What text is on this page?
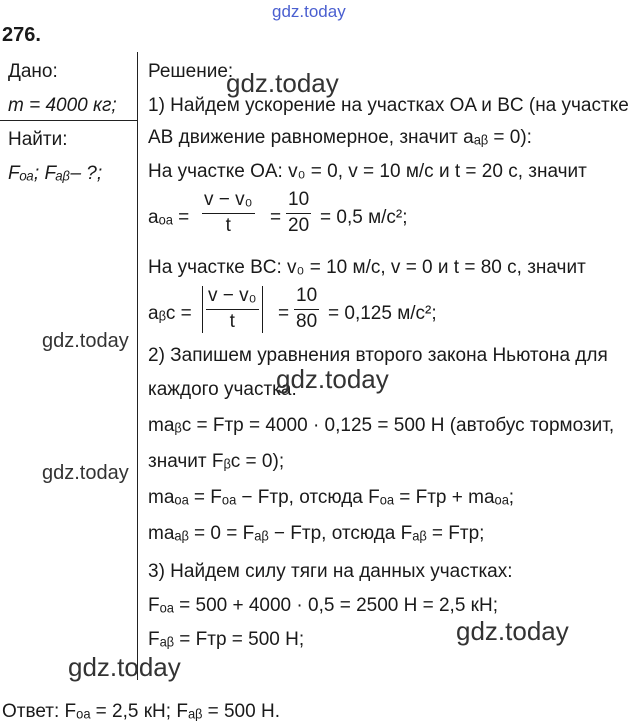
gdz.today
276.
Дано:
m = 4000 кг;
Найти:
Fₒₐ; Fₐᵦ– ?;
Решение:
gdz.today
1) Найдем ускорение на участках OA и BC (на участке
AB движение равномерное, значит aₐᵦ = 0):
На участке OA: v₀ = 0, v = 10 м/с и t = 20 с, значит
$a_{oa} = \frac{\text{v − v₀}}{t} = \frac{10}{20} = 0,5$ м/с²;
На участке BC: v₀ = 10 м/с, v = 0 и t = 80 с, значит
aᵦc = $\frac{\text{v − v₀}}{t} = \frac{10}{80} = 0,125$ м/с²;
gdz.today
2) Запишем уравнения второго закона Ньютона для
каждого участка:
gdz.today
maᵦc = Fтр = 4000 · 0,125 = 500 Н (автобус тормозит,
значит Fᵦc = 0);
gdz.today
maₒₐ = Fₒₐ − Fтр, отсюда Fₒₐ = Fтр + maₒₐ;
maₐᵦ = 0 = Fₐᵦ − Fтр, отсюда Fₐᵦ = Fтр;
3) Найдем силу тяги на данных участках:
Fₒₐ = 500 + 4000 · 0,5 = 2500 Н = 2,5 кН;
Fₐᵦ = Fтр = 500 Н;	gdz.today
gdz.today
Ответ: Fₒₐ = 2,5 кН; Fₐᵦ = 500 Н.
